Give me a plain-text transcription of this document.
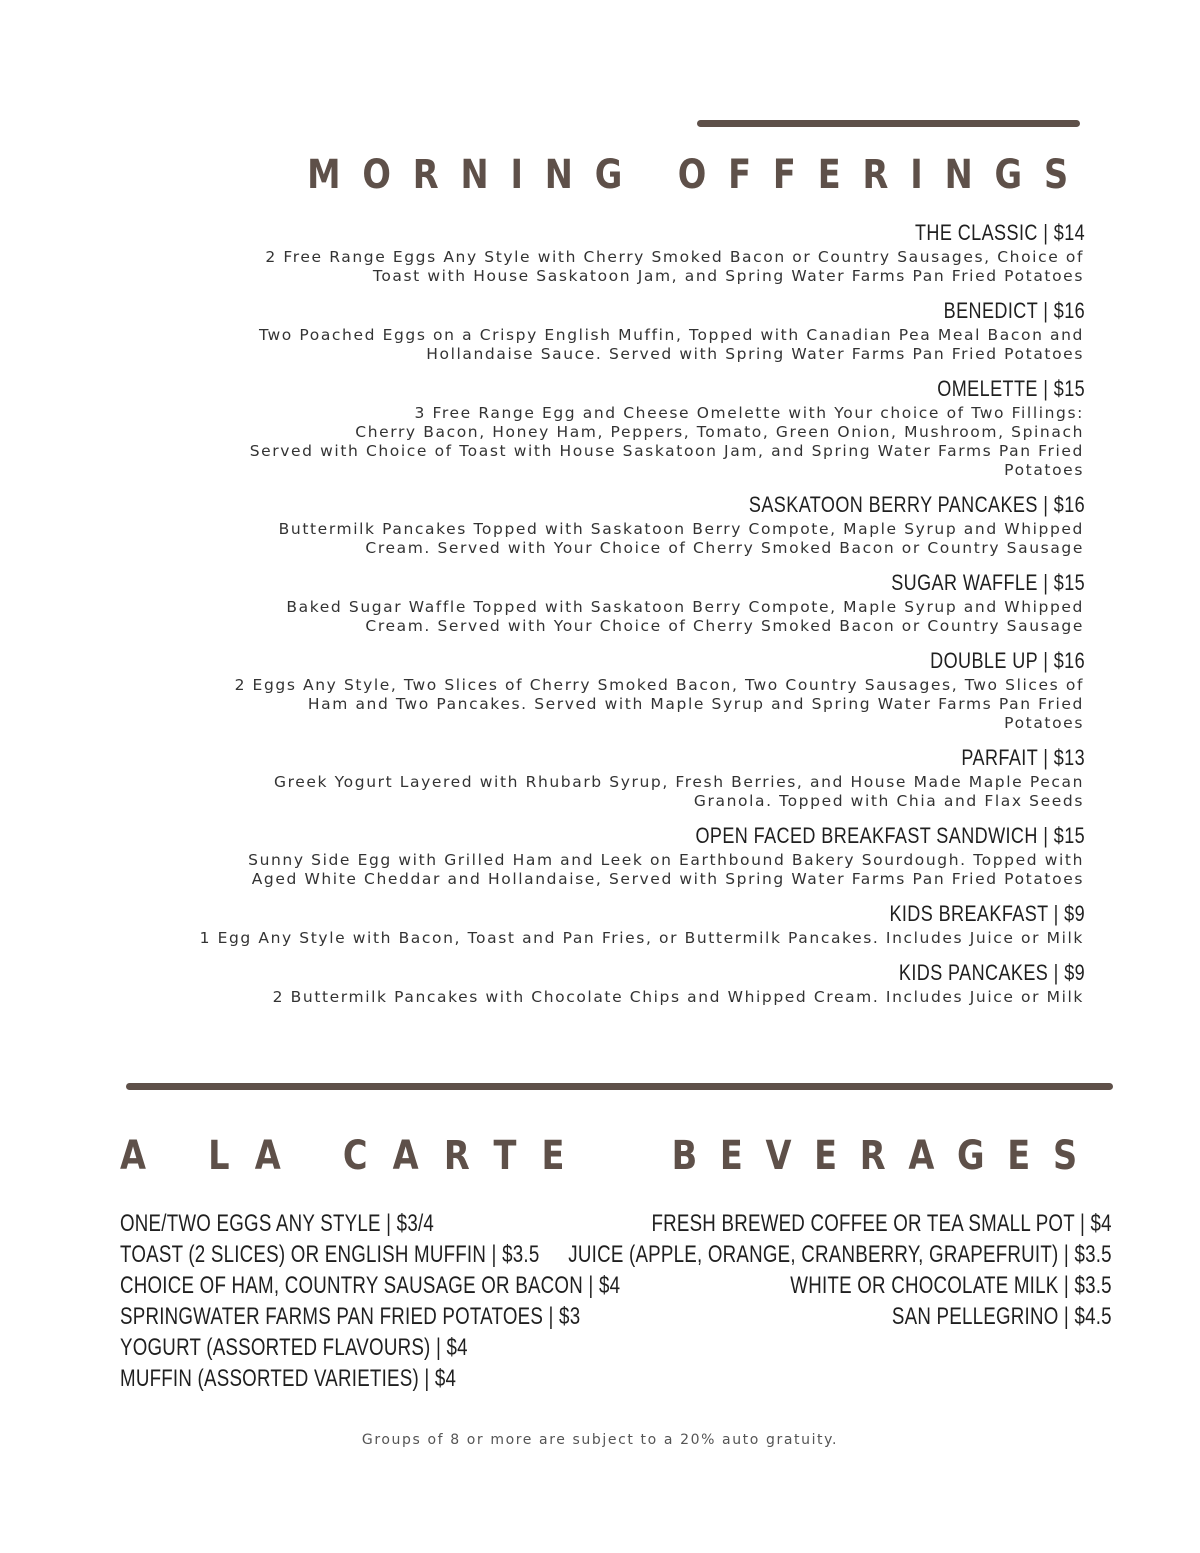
MORNING OFFERINGS
THE CLASSIC | $14
2 Free Range Eggs Any Style with Cherry Smoked Bacon or Country Sausages, Choice of
Toast with House Saskatoon Jam, and Spring Water Farms Pan Fried Potatoes
BENEDICT | $16
Two Poached Eggs on a Crispy English Muffin, Topped with Canadian Pea Meal Bacon and
Hollandaise Sauce. Served with Spring Water Farms Pan Fried Potatoes
OMELETTE | $15
3 Free Range Egg and Cheese Omelette with Your choice of Two Fillings:
Cherry Bacon, Honey Ham, Peppers, Tomato, Green Onion, Mushroom, Spinach
Served with Choice of Toast with House Saskatoon Jam, and Spring Water Farms Pan Fried
Potatoes
SASKATOON BERRY PANCAKES | $16
Buttermilk Pancakes Topped with Saskatoon Berry Compote, Maple Syrup and Whipped
Cream. Served with Your Choice of Cherry Smoked Bacon or Country Sausage
SUGAR WAFFLE | $15
Baked Sugar Waffle Topped with Saskatoon Berry Compote, Maple Syrup and Whipped
Cream. Served with Your Choice of Cherry Smoked Bacon or Country Sausage
DOUBLE UP | $16
2 Eggs Any Style, Two Slices of Cherry Smoked Bacon, Two Country Sausages, Two Slices of
Ham and Two Pancakes. Served with Maple Syrup and Spring Water Farms Pan Fried
Potatoes
PARFAIT | $13
Greek Yogurt Layered with Rhubarb Syrup, Fresh Berries, and House Made Maple Pecan
Granola. Topped with Chia and Flax Seeds
OPEN FACED BREAKFAST SANDWICH | $15
Sunny Side Egg with Grilled Ham and Leek on Earthbound Bakery Sourdough. Topped with
Aged White Cheddar and Hollandaise, Served with Spring Water Farms Pan Fried Potatoes
KIDS BREAKFAST | $9
1 Egg Any Style with Bacon, Toast and Pan Fries, or Buttermilk Pancakes. Includes Juice or Milk
KIDS PANCAKES | $9
2 Buttermilk Pancakes with Chocolate Chips and Whipped Cream. Includes Juice or Milk
A LA CARTE BEVERAGES
ONE/TWO EGGS ANY STYLE | $3/4
TOAST (2 SLICES) OR ENGLISH MUFFIN | $3.5
CHOICE OF HAM, COUNTRY SAUSAGE OR BACON | $4
SPRINGWATER FARMS PAN FRIED POTATOES | $3
YOGURT (ASSORTED FLAVOURS) | $4
MUFFIN (ASSORTED VARIETIES) | $4
FRESH BREWED COFFEE OR TEA SMALL POT | $4
JUICE (APPLE, ORANGE, CRANBERRY, GRAPEFRUIT) | $3.5
WHITE OR CHOCOLATE MILK | $3.5
SAN PELLEGRINO | $4.5

Groups of 8 or more are subject to a 20% auto gratuity.
